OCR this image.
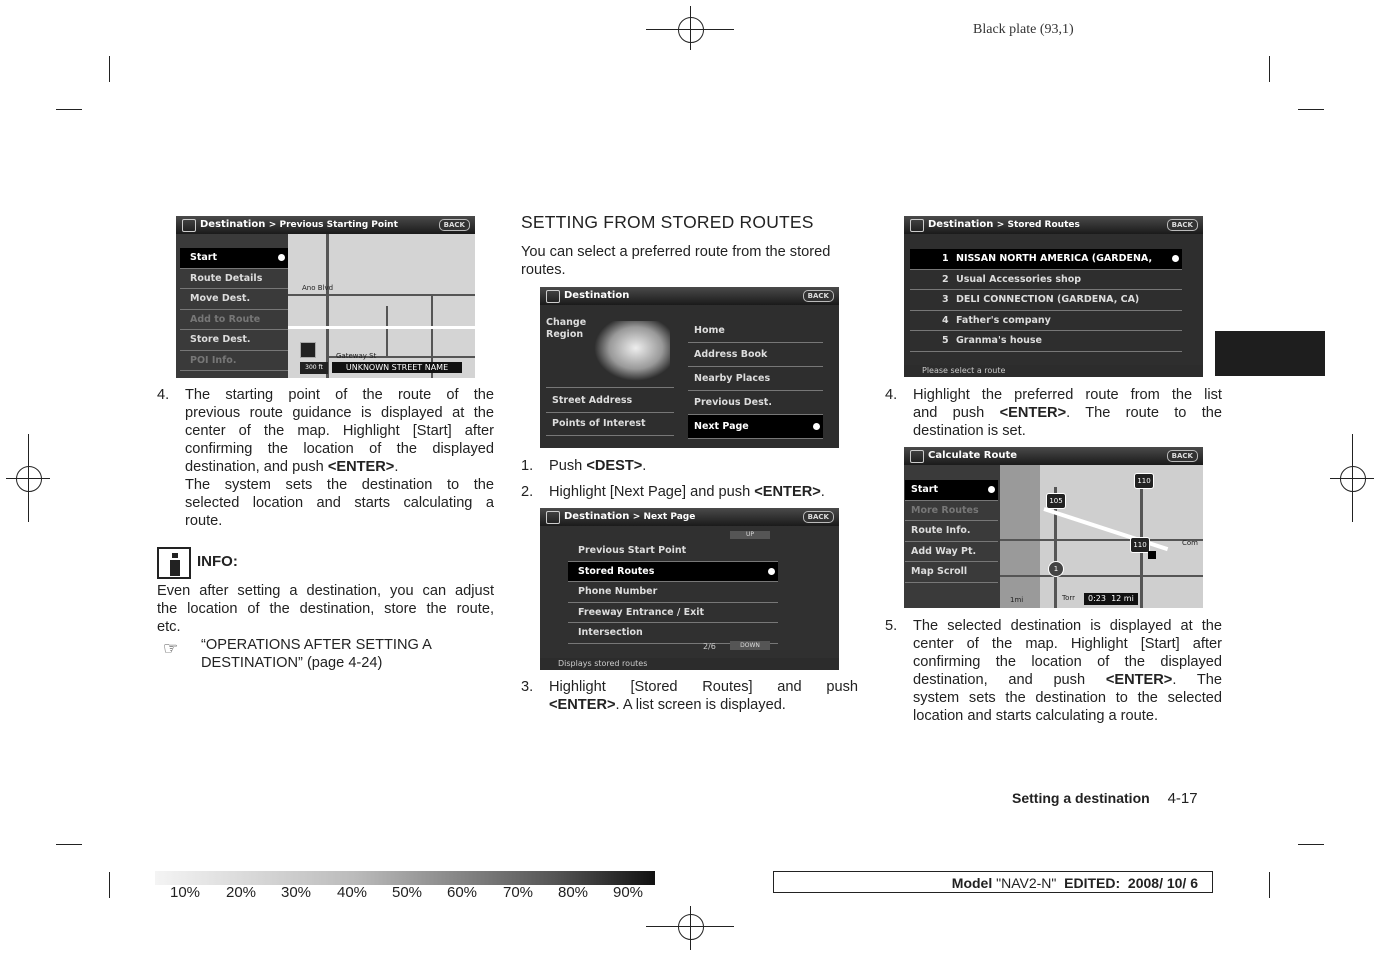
Black plate (93,1)
Ano Blvd
Gateway St
Destination > Previous Starting Point	BACK
Start
Route Details
Move Dest.
Add to Route
Store Dest.
POI Info.
300 ft	UNKNOWN STREET NAME
4. The starting point of the route of the
previous route guidance is displayed at the
center of the map. Highlight [Start] after
confirming the location of the displayed
destination, and push <ENTER>.
The system sets the destination to the
selected location and starts calculating a
route.
INFO:
Even after setting a destination, you can adjust
the location of the destination, store the route,
etc.
☞ “OPERATIONS AFTER SETTING A
DESTINATION” (page 4-24)
SETTING FROM STORED ROUTES
You can select a preferred route from the stored
routes.
Destination	BACK
Change Region
Street Address
Points of Interest
Home
Address Book
Nearby Places
Previous Dest.
Next Page
1. Push <DEST>.
2. Highlight [Next Page] and push <ENTER>.
Destination > Next Page	BACK
UP
Previous Start Point
Stored Routes
Phone Number
Freeway Entrance / Exit
Intersection
2/6	DOWN
Displays stored routes
3. Highlight [Stored Routes] and push
<ENTER>. A list screen is displayed.
Destination > Stored Routes	BACK
1 NISSAN NORTH AMERICA (GARDENA,
2 Usual Accessories shop
3 DELI CONNECTION (GARDENA, CA)
4 Father's company
5 Granma's house
Please select a route
4. Highlight the preferred route from the list
and push <ENTER>. The route to the
destination is set.
Calculate Route	BACK
Start
More Routes
Route Info.
Add Way Pt.
Map Scroll
110
105
110
1
Com
1mi	Torr	0:23 12 mi
5. The selected destination is displayed at the
center of the map. Highlight [Start] after
confirming the location of the displayed
destination, and push <ENTER>. The
system sets the destination to the selected
location and starts calculating a route.
Setting a destination 4-17
10% 20% 30% 40% 50% 60% 70% 80% 90%
Model "NAV2-N"  EDITED:  2008/ 10/ 6
